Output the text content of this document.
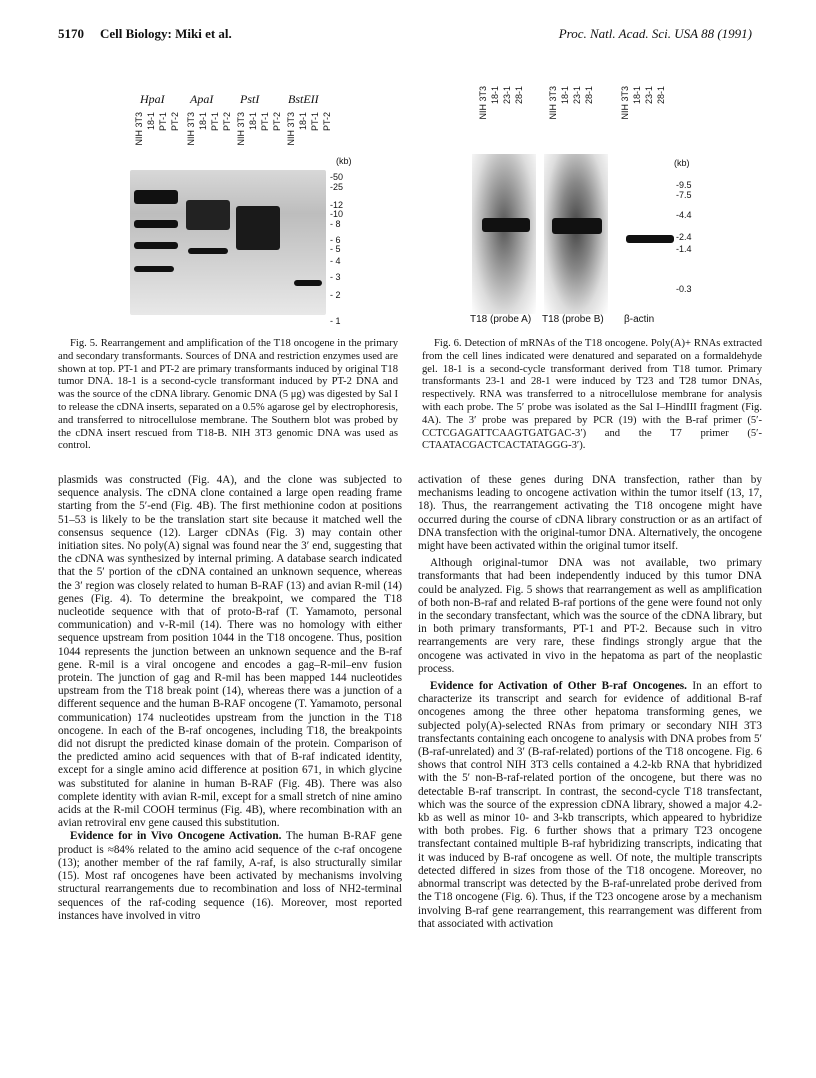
5170 Cell Biology: Miki et al.	Proc. Natl. Acad. Sci. USA 88 (1991)
HpaI ApaI PstI BstEII
NIH 3T3 18-1 PT-1 PT-2 NIH 3T3 18-1 PT-1 PT-2 NIH 3T3 18-1 PT-1 PT-2 NIH 3T3 18-1 PT-1 PT-2
(kb)
-50
-25
-12
-10
- 8
- 6
- 5
- 4
- 3
- 2
- 1
Fig. 5. Rearrangement and amplification of the T18 oncogene in the primary and secondary transformants. Sources of DNA and restriction enzymes used are shown at top. PT-1 and PT-2 are primary transformants induced by original T18 tumor DNA. 18-1 is a second-cycle transformant induced by PT-2 DNA and was the source of the cDNA library. Genomic DNA (5 μg) was digested by Sal I to release the cDNA inserts, separated on a 0.5% agarose gel by electrophoresis, and transferred to nitrocellulose membrane. The Southern blot was probed by the cDNA insert rescued from T18-B. NIH 3T3 genomic DNA was used as control.
NIH 3T3 18-1 23-1 28-1	NIH 3T3 18-1 23-1 28-1	NIH 3T3 18-1 23-1 28-1
(kb)
-9.5
-7.5
-4.4
-2.4
-1.4
-0.3
T18 (probe A) T18 (probe B) β-actin
Fig. 6. Detection of mRNAs of the T18 oncogene. Poly(A)+ RNAs extracted from the cell lines indicated were denatured and separated on a formaldehyde gel. 18-1 is a second-cycle transformant derived from T18 tumor. Primary transformants 23-1 and 28-1 were induced by T23 and T28 tumor DNAs, respectively. RNA was transferred to a nitrocellulose membrane for analysis with each probe. The 5′ probe was isolated as the Sal I–HindIII fragment (Fig. 4A). The 3′ probe was prepared by PCR (19) with the B-raf primer (5′-CCTCGAGATTCAAGTGATGAC-3′) and the T7 primer (5′-CTAATACGACTCACTATAGGG-3′).

plasmids was constructed (Fig. 4A), and the clone was subjected to sequence analysis. The cDNA clone contained a large open reading frame starting from the 5′-end (Fig. 4B). The first methionine codon at positions 51–53 is likely to be the translation start site because it matched well the consensus sequence (12). Larger cDNAs (Fig. 3) may contain other initiation sites. No poly(A) signal was found near the 3′ end, suggesting that the cDNA was synthesized by internal priming. A database search indicated that the 5′ portion of the cDNA contained an unknown sequence, whereas the 3′ region was closely related to human B-RAF (13) and avian R-mil (14) genes (Fig. 4). To determine the breakpoint, we compared the T18 nucleotide sequence with that of proto-B-raf (T. Yamamoto, personal communication) and v-R-mil (14). There was no homology with either sequence upstream from position 1044 in the T18 oncogene. Thus, position 1044 represents the junction between an unknown sequence and the B-raf gene. R-mil is a viral oncogene and encodes a gag–R-mil–env fusion protein. The junction of gag and R-mil has been mapped 144 nucleotides upstream from the T18 break point (14), whereas there was a junction of a different sequence and the human B-RAF oncogene (T. Yamamoto, personal communication) 174 nucleotides upstream from the junction in the T18 oncogene. In each of the B-raf oncogenes, including T18, the breakpoints did not disrupt the predicted kinase domain of the protein. Comparison of the predicted amino acid sequences with that of B-raf indicated identity, except for a single amino acid difference at position 671, in which glycine was substituted for alanine in human B-RAF (Fig. 4B). There was also complete identity with avian R-mil, except for a small stretch of nine amino acids at the R-mil COOH terminus (Fig. 4B), where recombination with an avian retroviral env gene caused this substitution.

Evidence for in Vivo Oncogene Activation. The human B-RAF gene product is ≈84% related to the amino acid sequence of the c-raf oncogene (13); another member of the raf family, A-raf, is also structurally similar (15). Most raf oncogenes have been activated by mechanisms involving structural rearrangements due to recombination and loss of NH2-terminal sequences of the raf-coding sequence (16). Moreover, most reported instances have involved in vitro

activation of these genes during DNA transfection, rather than by mechanisms leading to oncogene activation within the tumor itself (13, 17, 18). Thus, the rearrangement activating the T18 oncogene might have occurred during the course of cDNA library construction or as an artifact of DNA transfection with the original-tumor DNA. Alternatively, the oncogene might have been activated within the original tumor itself.

Although original-tumor DNA was not available, two primary transformants that had been independently induced by this tumor DNA could be analyzed. Fig. 5 shows that rearrangement as well as amplification of both non-B-raf and related B-raf portions of the gene were found not only in the secondary transfectant, which was the source of the cDNA library, but in both primary transformants, PT-1 and PT-2. Because such in vitro rearrangements are very rare, these findings strongly argue that the oncogene was activated in vivo in the hepatoma as part of the neoplastic process.

Evidence for Activation of Other B-raf Oncogenes. In an effort to characterize its transcript and search for evidence of additional B-raf oncogenes among the three other hepatoma transforming genes, we subjected poly(A)-selected RNAs from primary or secondary NIH 3T3 transfectants containing each oncogene to analysis with DNA probes from 5′ (B-raf-unrelated) and 3′ (B-raf-related) portions of the T18 oncogene. Fig. 6 shows that control NIH 3T3 cells contained a 4.2-kb RNA that hybridized with the 5′ non-B-raf-related portion of the oncogene, but there was no detectable B-raf transcript. In contrast, the second-cycle T18 transfectant, which was the source of the expression cDNA library, showed a major 4.2-kb as well as minor 10- and 3-kb transcripts, which appeared to hybridize with both probes. Fig. 6 further shows that a primary T23 oncogene transfectant contained multiple B-raf hybridizing transcripts, indicating that it was induced by B-raf oncogene as well. Of note, the multiple transcripts detected differed in sizes from those of the T18 oncogene. Moreover, no abnormal transcript was detected by the B-raf-unrelated probe derived from the T18 oncogene (Fig. 6). Thus, if the T23 oncogene arose by a mechanism involving B-raf gene rearrangement, this rearrangement was different from that associated with activation
